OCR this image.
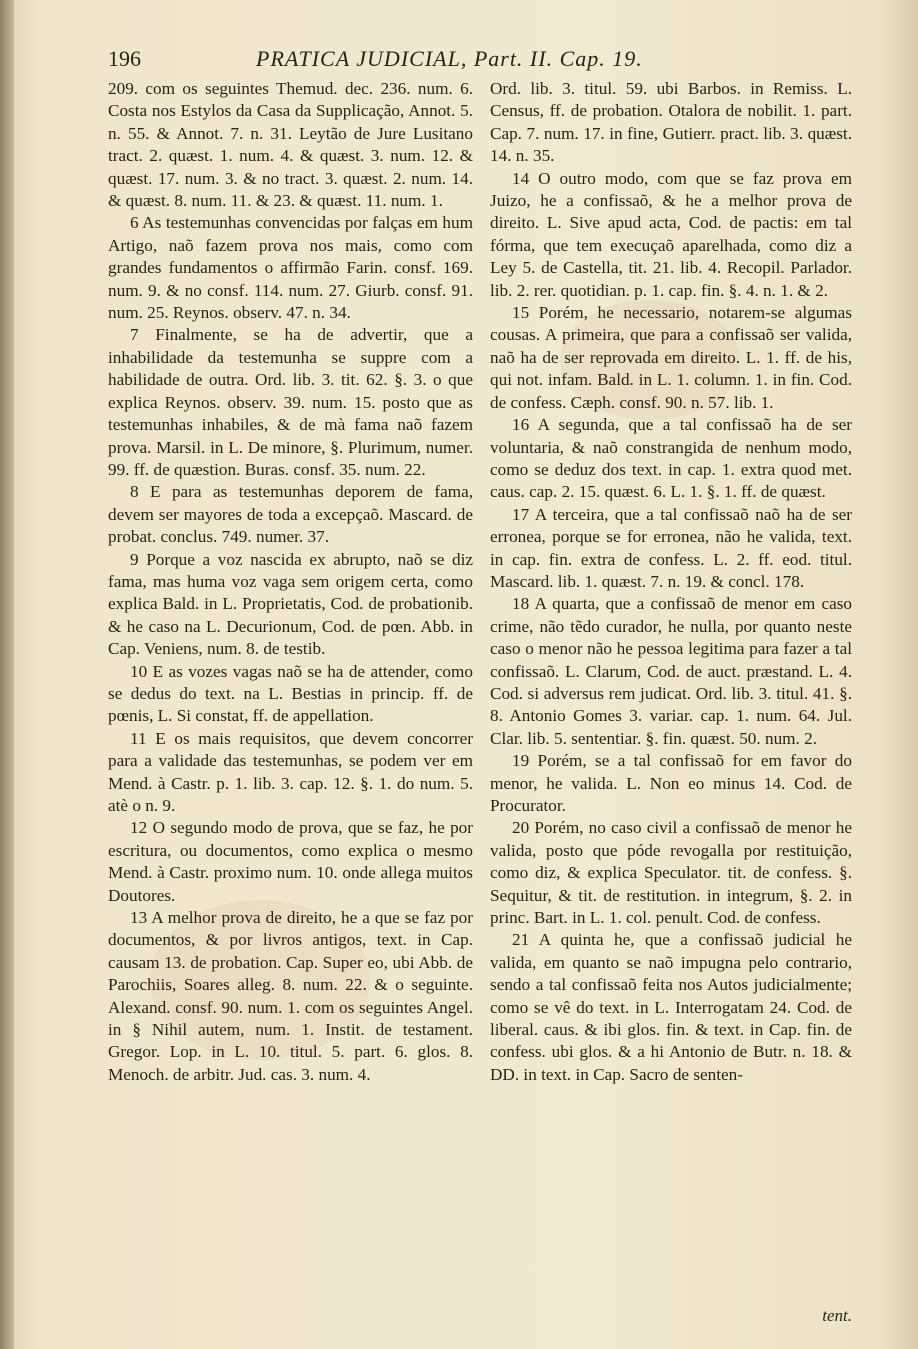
196	PRATICA JUDICIAL, Part. II. Cap. 19.

209. com os seguintes Themud. dec. 236. num. 6. Costa nos Estylos da Casa da Supplicação, Annot. 5. n. 55. & Annot. 7. n. 31. Leytão de Jure Lusitano tract. 2. quæst. 1. num. 4. & quæst. 3. num. 12. & quæst. 17. num. 3. & no tract. 3. quæst. 2. num. 14. & quæst. 8. num. 11. & 23. & quæst. 11. num. 1.

6 As testemunhas convencidas por falças em hum Artigo, naõ fazem prova nos mais, como com grandes fundamentos o affirmão Farin. consf. 169. num. 9. & no consf. 114. num. 27. Giurb. consf. 91. num. 25. Reynos. observ. 47. n. 34.

7 Finalmente, se ha de advertir, que a inhabilidade da testemunha se suppre com a habilidade de outra. Ord. lib. 3. tit. 62. §. 3. o que explica Reynos. observ. 39. num. 15. posto que as testemunhas inhabiles, & de mà fama naõ fazem prova. Marsil. in L. De minore, §. Plurimum, numer. 99. ff. de quæstion. Buras. consf. 35. num. 22.

8 E para as testemunhas deporem de fama, devem ser mayores de toda a excepçaõ. Mascard. de probat. conclus. 749. numer. 37.

9 Porque a voz nascida ex abrupto, naõ se diz fama, mas huma voz vaga sem origem certa, como explica Bald. in L. Proprietatis, Cod. de probationib. & he caso na L. Decurionum, Cod. de pœn. Abb. in Cap. Veniens, num. 8. de testib.

10 E as vozes vagas naõ se ha de attender, como se dedus do text. na L. Bestias in princip. ff. de pœnis, L. Si constat, ff. de appellation.

11 E os mais requisitos, que devem concorrer para a validade das testemunhas, se podem ver em Mend. à Castr. p. 1. lib. 3. cap. 12. §. 1. do num. 5. atè o n. 9.

12 O segundo modo de prova, que se faz, he por escritura, ou documentos, como explica o mesmo Mend. à Castr. proximo num. 10. onde allega muitos Doutores.

13 A melhor prova de direito, he a que se faz por documentos, & por livros antigos, text. in Cap. causam 13. de probation. Cap. Super eo, ubi Abb. de Parochiis, Soares alleg. 8. num. 22. & o seguinte. Alexand. consf. 90. num. 1. com os seguintes Angel. in § Nihil autem, num. 1. Instit. de testament. Gregor. Lop. in L. 10. titul. 5. part. 6. glos. 8. Menoch. de arbitr. Jud. cas. 3. num. 4.

Ord. lib. 3. titul. 59. ubi Barbos. in Remiss. L. Census, ff. de probation. Otalora de nobilit. 1. part. Cap. 7. num. 17. in fine, Gutierr. pract. lib. 3. quæst. 14. n. 35.

14 O outro modo, com que se faz prova em Juizo, he a confissaõ, & he a melhor prova de direito. L. Sive apud acta, Cod. de pactis: em tal fórma, que tem execuçaõ aparelhada, como diz a Ley 5. de Castella, tit. 21. lib. 4. Recopil. Parlador. lib. 2. rer. quotidian. p. 1. cap. fin. §. 4. n. 1. & 2.

15 Porém, he necessario, notarem-se algumas cousas. A primeira, que para a confissaõ ser valida, naõ ha de ser reprovada em direito. L. 1. ff. de his, qui not. infam. Bald. in L. 1. column. 1. in fin. Cod. de confess. Cæph. consf. 90. n. 57. lib. 1.

16 A segunda, que a tal confissaõ ha de ser voluntaria, & naõ constrangida de nenhum modo, como se deduz dos text. in cap. 1. extra quod met. caus. cap. 2. 15. quæst. 6. L. 1. §. 1. ff. de quæst.

17 A terceira, que a tal confissaõ naõ ha de ser erronea, porque se for erronea, não he valida, text. in cap. fin. extra de confess. L. 2. ff. eod. titul. Mascard. lib. 1. quæst. 7. n. 19. & concl. 178.

18 A quarta, que a confissaõ de menor em caso crime, não tẽdo curador, he nulla, por quanto neste caso o menor não he pessoa legitima para fazer a tal confissaõ. L. Clarum, Cod. de auct. præstand. L. 4. Cod. si adversus rem judicat. Ord. lib. 3. titul. 41. §. 8. Antonio Gomes 3. variar. cap. 1. num. 64. Jul. Clar. lib. 5. sententiar. §. fin. quæst. 50. num. 2.

19 Porém, se a tal confissaõ for em favor do menor, he valida. L. Non eo minus 14. Cod. de Procurator.

20 Porém, no caso civil a confissaõ de menor he valida, posto que póde revogalla por restituição, como diz, & explica Speculator. tit. de confess. §. Sequitur, & tit. de restitution. in integrum, §. 2. in princ. Bart. in L. 1. col. penult. Cod. de confess.

21 A quinta he, que a confissaõ judicial he valida, em quanto se naõ impugna pelo contrario, sendo a tal confissaõ feita nos Autos judicialmente; como se vê do text. in L. Interrogatam 24. Cod. de liberal. caus. & ibi glos. fin. & text. in Cap. fin. de confess. ubi glos. & a hi Antonio de Butr. n. 18. & DD. in text. in Cap. Sacro de senten-

tent.
